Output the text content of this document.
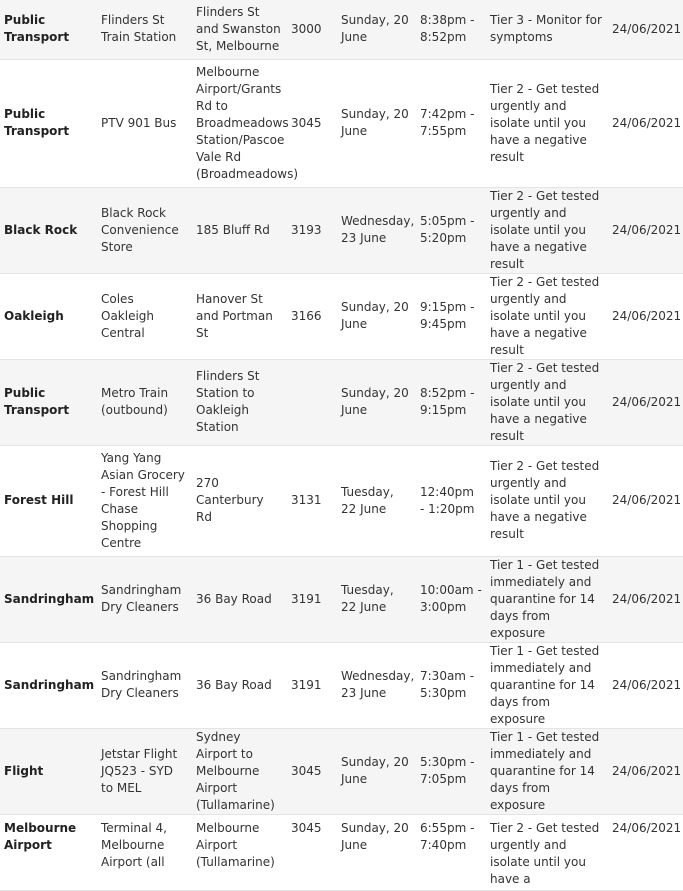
Public Transport	Flinders St Train Station	Flinders St and Swanston St, Melbourne	3000	Sunday, 20 June	8:38pm - 8:52pm	Tier 3 - Monitor for symptoms	24/06/2021
Public Transport	PTV 901 Bus	Melbourne Airport/Grants Rd to Broadmeadows Station/Pascoe Vale Rd (Broadmeadows)	3045	Sunday, 20 June	7:42pm - 7:55pm	Tier 2 - Get tested urgently and isolate until you have a negative result	24/06/2021
Black Rock	Black Rock Convenience Store	185 Bluff Rd	3193	Wednesday, 23 June	5:05pm - 5:20pm	Tier 2 - Get tested urgently and isolate until you have a negative result	24/06/2021
Oakleigh	Coles Oakleigh Central	Hanover St and Portman St	3166	Sunday, 20 June	9:15pm - 9:45pm	Tier 2 - Get tested urgently and isolate until you have a negative result	24/06/2021
Public Transport	Metro Train (outbound)	Flinders St Station to Oakleigh Station		Sunday, 20 June	8:52pm - 9:15pm	Tier 2 - Get tested urgently and isolate until you have a negative result	24/06/2021
Forest Hill	Yang Yang Asian Grocery - Forest Hill Chase Shopping Centre	270 Canterbury Rd	3131	Tuesday, 22 June	12:40pm - 1:20pm	Tier 2 - Get tested urgently and isolate until you have a negative result	24/06/2021
Sandringham	Sandringham Dry Cleaners	36 Bay Road	3191	Tuesday, 22 June	10:00am - 3:00pm	Tier 1 - Get tested immediately and quarantine for 14 days from exposure	24/06/2021
Sandringham	Sandringham Dry Cleaners	36 Bay Road	3191	Wednesday, 23 June	7:30am - 5:30pm	Tier 1 - Get tested immediately and quarantine for 14 days from exposure	24/06/2021
Flight	Jetstar Flight JQ523 - SYD to MEL	Sydney Airport to Melbourne Airport (Tullamarine)	3045	Sunday, 20 June	5:30pm - 7:05pm	Tier 1 - Get tested immediately and quarantine for 14 days from exposure	24/06/2021
Melbourne Airport	Terminal 4, Melbourne Airport (all	Melbourne Airport (Tullamarine)	3045	Sunday, 20 June	6:55pm - 7:40pm	Tier 2 - Get tested urgently and isolate until you have a	24/06/2021
